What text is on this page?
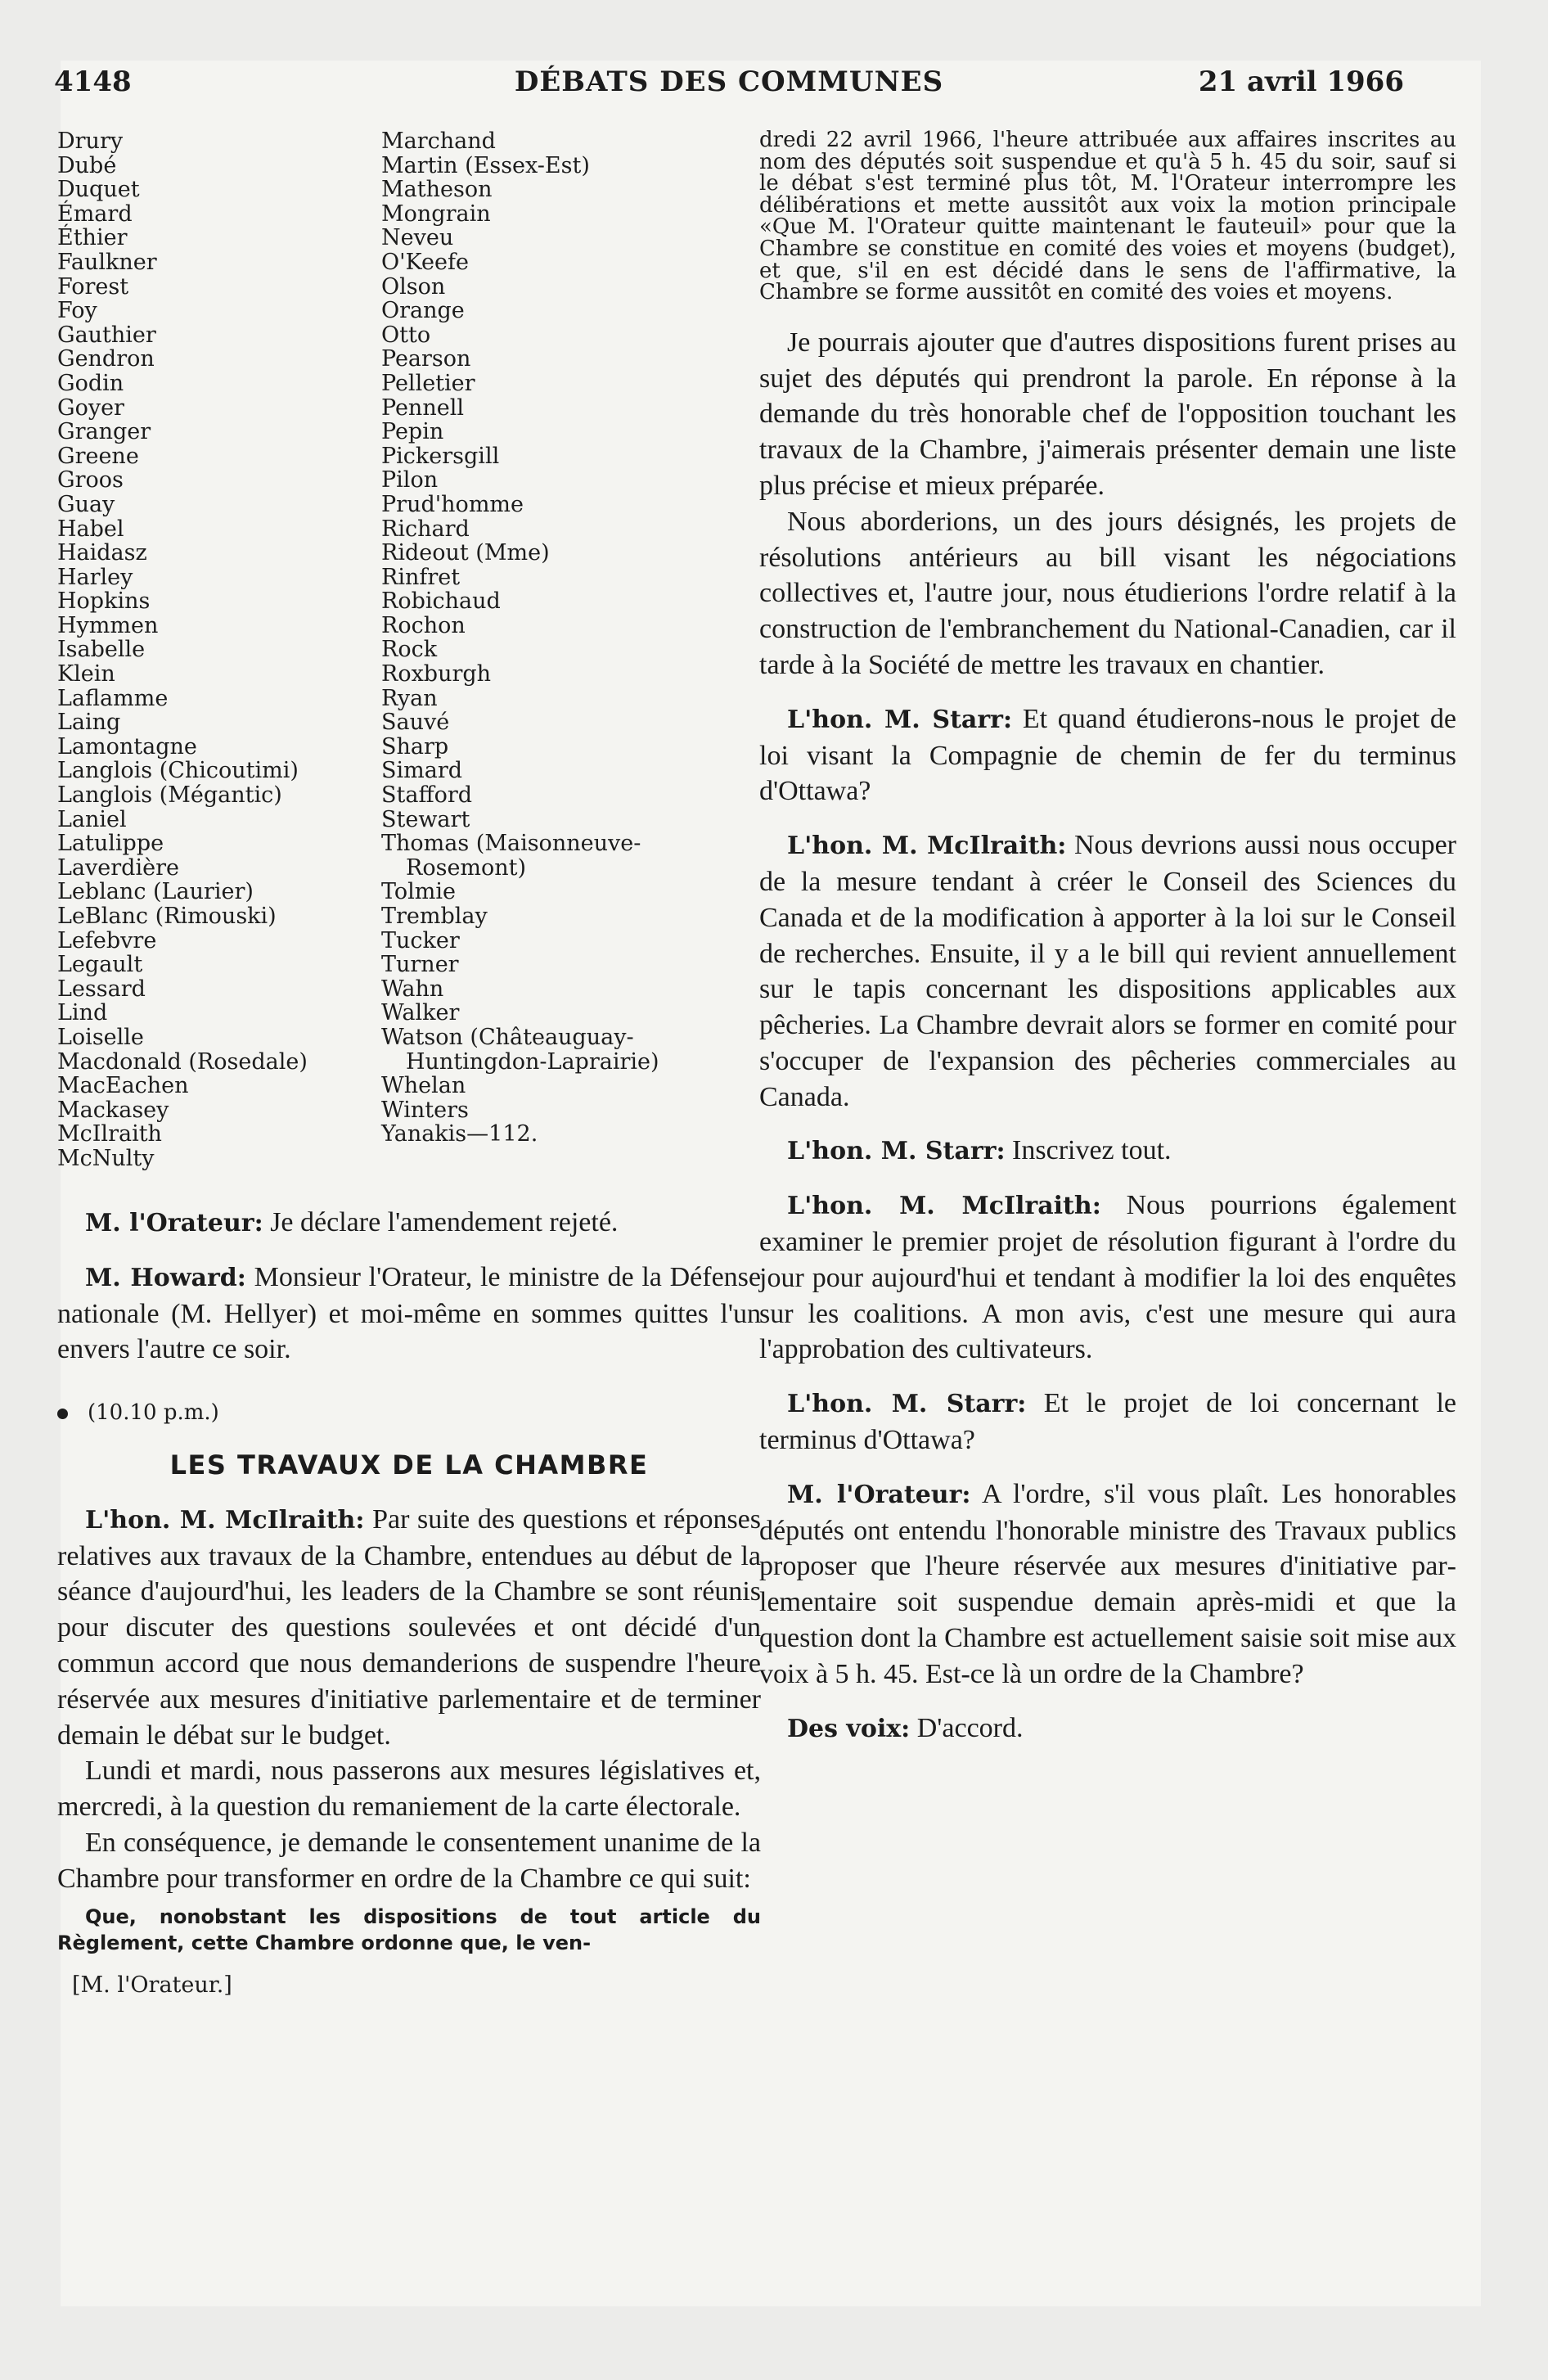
4148	DÉBATS DES COMMUNES	21 avril 1966
Drury
Dubé
Duquet
Émard
Éthier
Faulkner
Forest
Foy
Gauthier
Gendron
Godin
Goyer
Granger
Greene
Groos
Guay
Habel
Haidasz
Harley
Hopkins
Hymmen
Isabelle
Klein
Laflamme
Laing
Lamontagne
Langlois (Chicoutimi)
Langlois (Mégantic)
Laniel
Latulippe
Laverdière
Leblanc (Laurier)
LeBlanc (Rimouski)
Lefebvre
Legault
Lessard
Lind
Loiselle
Macdonald (Rosedale)
MacEachen
Mackasey
McIlraith
McNulty
Marchand
Martin (Essex-Est)
Matheson
Mongrain
Neveu
O'Keefe
Olson
Orange
Otto
Pearson
Pelletier
Pennell
Pepin
Pickersgill
Pilon
Prud'homme
Richard
Rideout (Mme)
Rinfret
Robichaud
Rochon
Rock
Roxburgh
Ryan
Sauvé
Sharp
Simard
Stafford
Stewart
Thomas (Maisonneuve-
Rosemont)
Tolmie
Tremblay
Tucker
Turner
Wahn
Walker
Watson (Châteauguay-
Huntingdon-Laprairie)
Whelan
Winters
Yanakis—112.

M. l'Orateur: Je déclare l'amendement rejeté.

M. Howard: Monsieur l'Orateur, le ministre de la Défense nationale (M. Hellyer) et moi-même en sommes quittes l'un envers l'autre ce soir.

(10.10 p.m.)

LES TRAVAUX DE LA CHAMBRE

L'hon. M. McIlraith: Par suite des questions et réponses relatives aux travaux de la Chambre, entendues au début de la séance d'aujourd'hui, les leaders de la Chambre se sont réunis pour discuter des questions soulevées et ont décidé d'un commun accord que nous demanderions de suspendre l'heure réservée aux mesures d'initiative parlementaire et de terminer demain le débat sur le budget.

Lundi et mardi, nous passerons aux mesures législatives et, mercredi, à la question du remaniement de la carte électorale.

En conséquence, je demande le consentement unanime de la Chambre pour transformer en ordre de la Chambre ce qui suit:

Que, nonobstant les dispositions de tout article du Règlement, cette Chambre ordonne que, le ven-

[M. l'Orateur.]

dredi 22 avril 1966, l'heure attribuée aux affaires inscrites au nom des députés soit suspendue et qu'à 5 h. 45 du soir, sauf si le débat s'est terminé plus tôt, M. l'Orateur interrompre les délibérations et mette aussitôt aux voix la motion principale «Que M. l'Orateur quitte maintenant le fauteuil» pour que la Chambre se constitue en comité des voies et moyens (budget), et que, s'il en est décidé dans le sens de l'affirmative, la Chambre se forme aussitôt en comité des voies et moyens.

Je pourrais ajouter que d'autres dispositions furent prises au sujet des députés qui prendront la parole. En réponse à la demande du très honorable chef de l'opposition touchant les travaux de la Chambre, j'aimerais présenter demain une liste plus précise et mieux préparée.

Nous aborderions, un des jours désignés, les projets de résolutions antérieurs au bill visant les négociations collectives et, l'autre jour, nous étudierions l'ordre relatif à la construction de l'embranchement du National-Canadien, car il tarde à la Société de mettre les travaux en chantier.

L'hon. M. Starr: Et quand étudierons-nous le projet de loi visant la Compagnie de chemin de fer du terminus d'Ottawa?

L'hon. M. McIlraith: Nous devrions aussi nous occuper de la mesure tendant à créer le Conseil des Sciences du Canada et de la modification à apporter à la loi sur le Conseil de recherches. Ensuite, il y a le bill qui revient annuellement sur le tapis concernant les dispositions applicables aux pêcheries. La Chambre devrait alors se former en comité pour s'occuper de l'expansion des pêcheries commerciales au Canada.

L'hon. M. Starr: Inscrivez tout.

L'hon. M. McIlraith: Nous pourrions également examiner le premier projet de résolution figurant à l'ordre du jour pour aujourd'hui et tendant à modifier la loi des enquêtes sur les coalitions. A mon avis, c'est une mesure qui aura l'approbation des cultivateurs.

L'hon. M. Starr: Et le projet de loi concernant le terminus d'Ottawa?

M. l'Orateur: A l'ordre, s'il vous plaît. Les honorables députés ont entendu l'honorable ministre des Travaux publics proposer que l'heure réservée aux mesures d'initiative parlementaire soit suspendue demain après-midi et que la question dont la Chambre est actuellement saisie soit mise aux voix à 5 h. 45. Est-ce là un ordre de la Chambre?

Des voix: D'accord.
